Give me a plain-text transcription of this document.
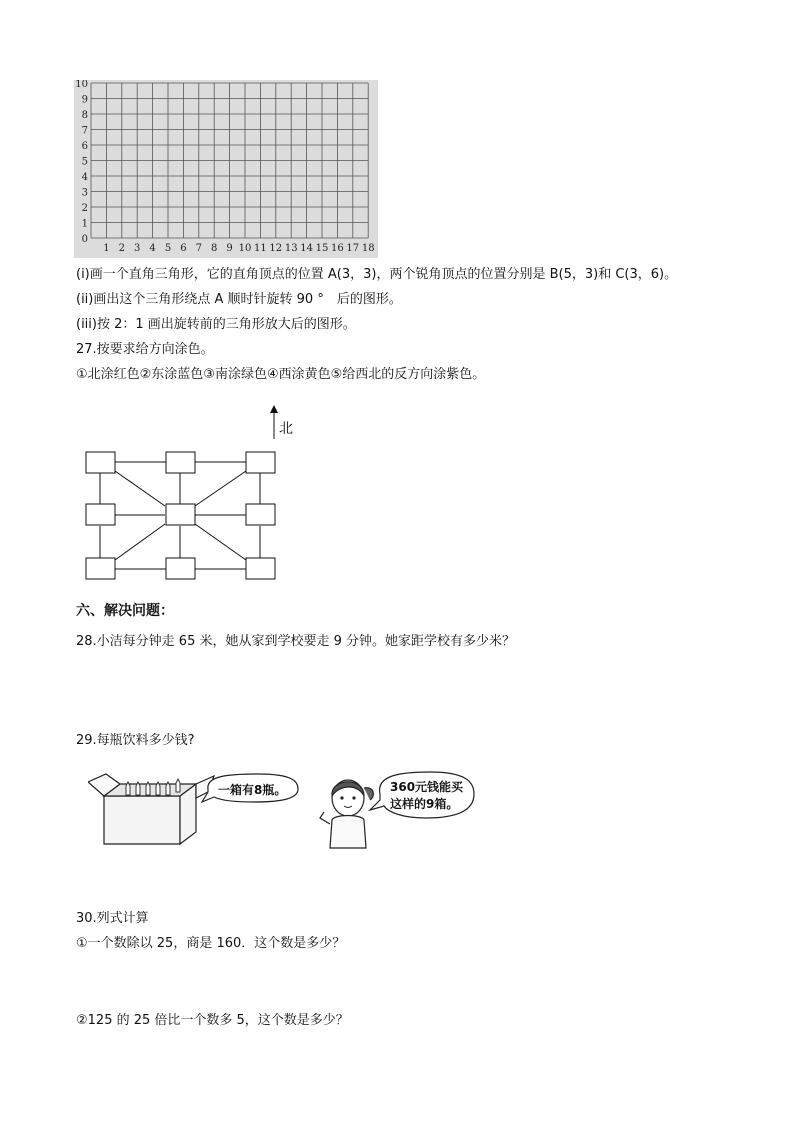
0
1
2
3
4
5
6
7
8
9
10
1 2 3 4 5 6 7 8 9 10 11 12 13 14 15 16 17 18
(i)画一个直角三角形，它的直角顶点的位置 A(3，3)，两个锐角顶点的位置分别是 B(5，3)和 C(3，6)。
(ii)画出这个三角形绕点 A 顺时针旋转 90 °　后的图形。
(iii)按 2：1 画出旋转前的三角形放大后的图形。
27.按要求给方向涂色。
①北涂红色②东涂蓝色③南涂绿色④西涂黄色⑤给西北的反方向涂紫色。
北
六、解决问题：
28.小洁每分钟走 65 米，她从家到学校要走 9 分钟。她家距学校有多少米？
29.每瓶饮料多少钱?
一箱有8瓶。	360元钱能买
这样的9箱。
30.列式计算
①一个数除以 25，商是 160．这个数是多少？
②125 的 25 倍比一个数多 5，这个数是多少？
